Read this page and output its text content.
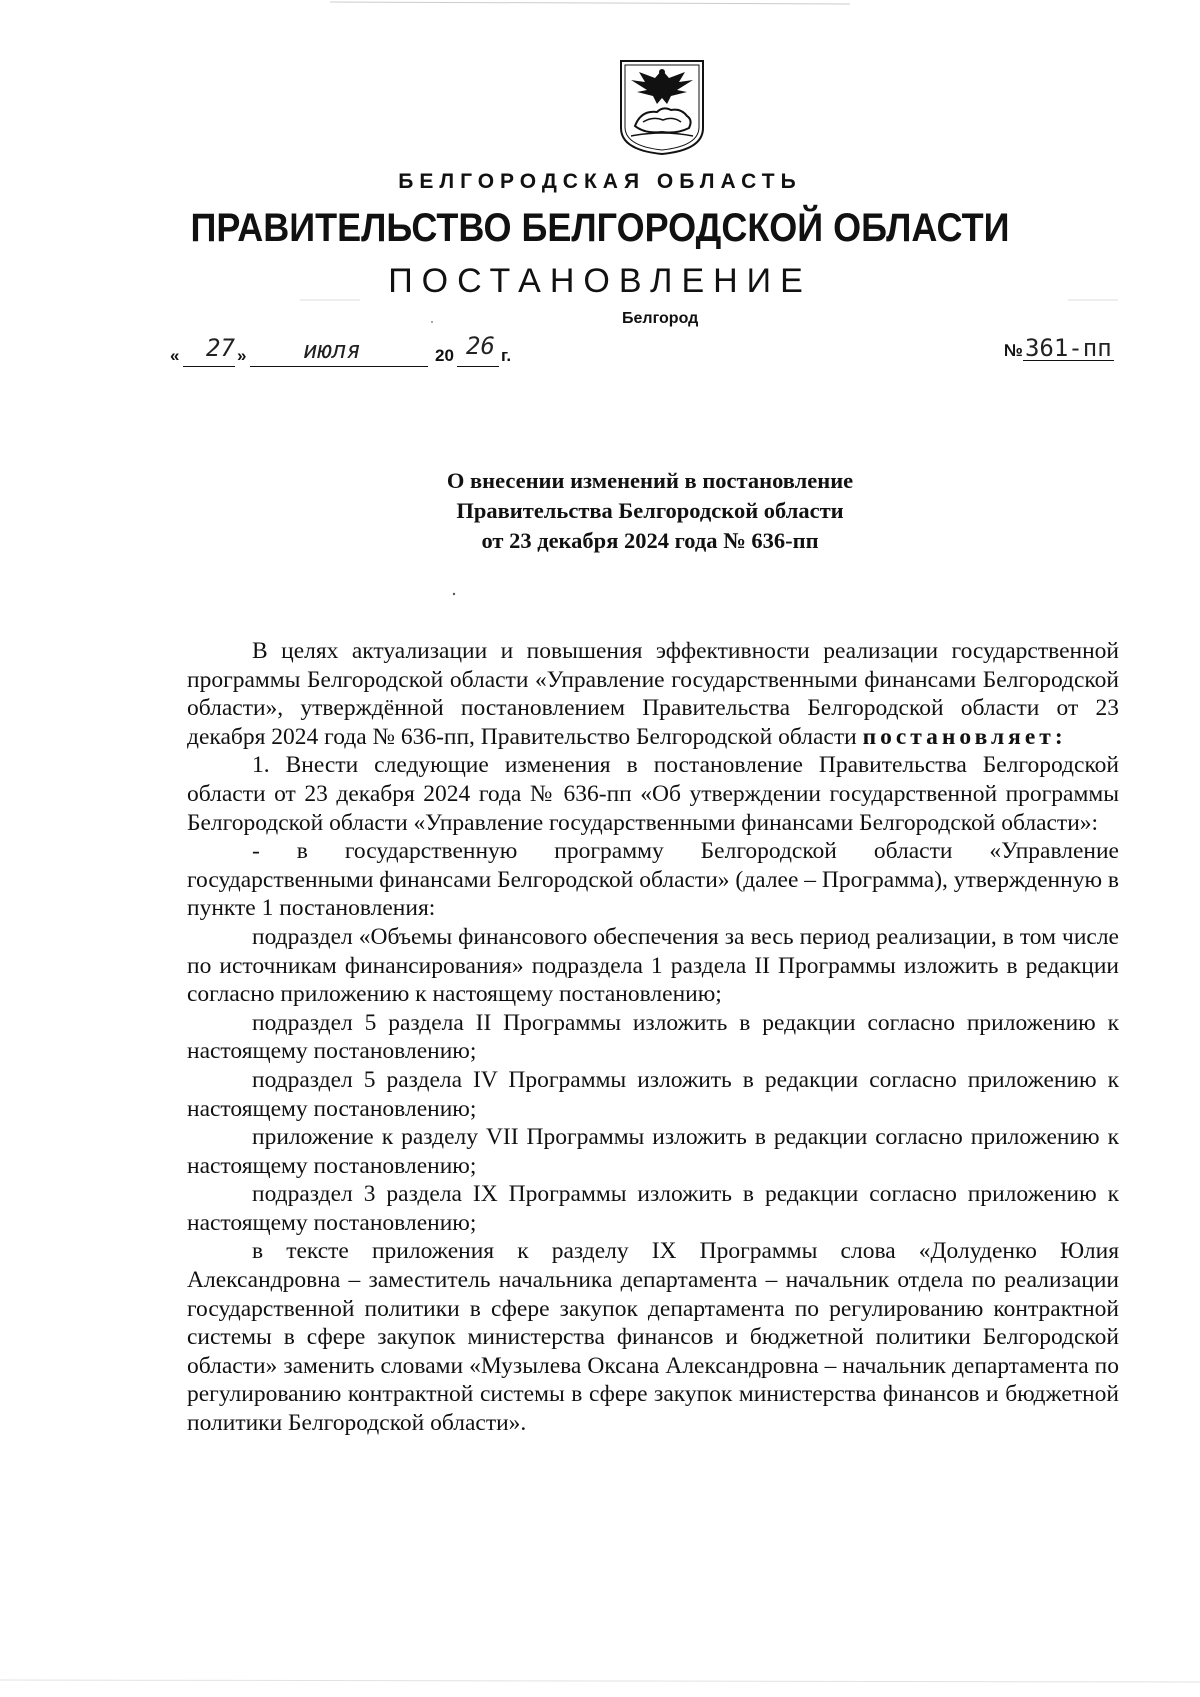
БЕЛГОРОДСКАЯ ОБЛАСТЬ
ПРАВИТЕЛЬСТВО БЕЛГОРОДСКОЙ ОБЛАСТИ
ПОСТАНОВЛЕНИЕ
Белгород
« 27 » июля	20 26 г.	№361-пп
О внесении изменений в постановление
Правительства Белгородской области
от 23 декабря 2024 года № 636-пп

В целях актуализации и повышения эффективности реализации государственной программы Белгородской области «Управление государственными финансами Белгородской области», утверждённой постановлением Правительства Белгородской области от 23 декабря 2024 года № 636-пп, Правительство Белгородской области постановляет:

1. Внести следующие изменения в постановление Правительства Белгородской области от 23 декабря 2024 года № 636-пп «Об утверждении государственной программы Белгородской области «Управление государственными финансами Белгородской области»:

- в государственную программу Белгородской области «Управление государственными финансами Белгородской области» (далее – Программа), утвержденную в пункте 1 постановления:

подраздел «Объемы финансового обеспечения за весь период реализации, в том числе по источникам финансирования» подраздела 1 раздела II Программы изложить в редакции согласно приложению к настоящему постановлению;

подраздел 5 раздела II Программы изложить в редакции согласно приложению к настоящему постановлению;

подраздел 5 раздела IV Программы изложить в редакции согласно приложению к настоящему постановлению;

приложение к разделу VII Программы изложить в редакции согласно приложению к настоящему постановлению;

подраздел 3 раздела IX Программы изложить в редакции согласно приложению к настоящему постановлению;

в тексте приложения к разделу IX Программы слова «Долуденко Юлия Александровна – заместитель начальника департамента – начальник отдела по реализации государственной политики в сфере закупок департамента по регулированию контрактной системы в сфере закупок министерства финансов и бюджетной политики Белгородской области» заменить словами «Музылева Оксана Александровна – начальник департамента по регулированию контрактной системы в сфере закупок министерства финансов и бюджетной политики Белгородской области».
